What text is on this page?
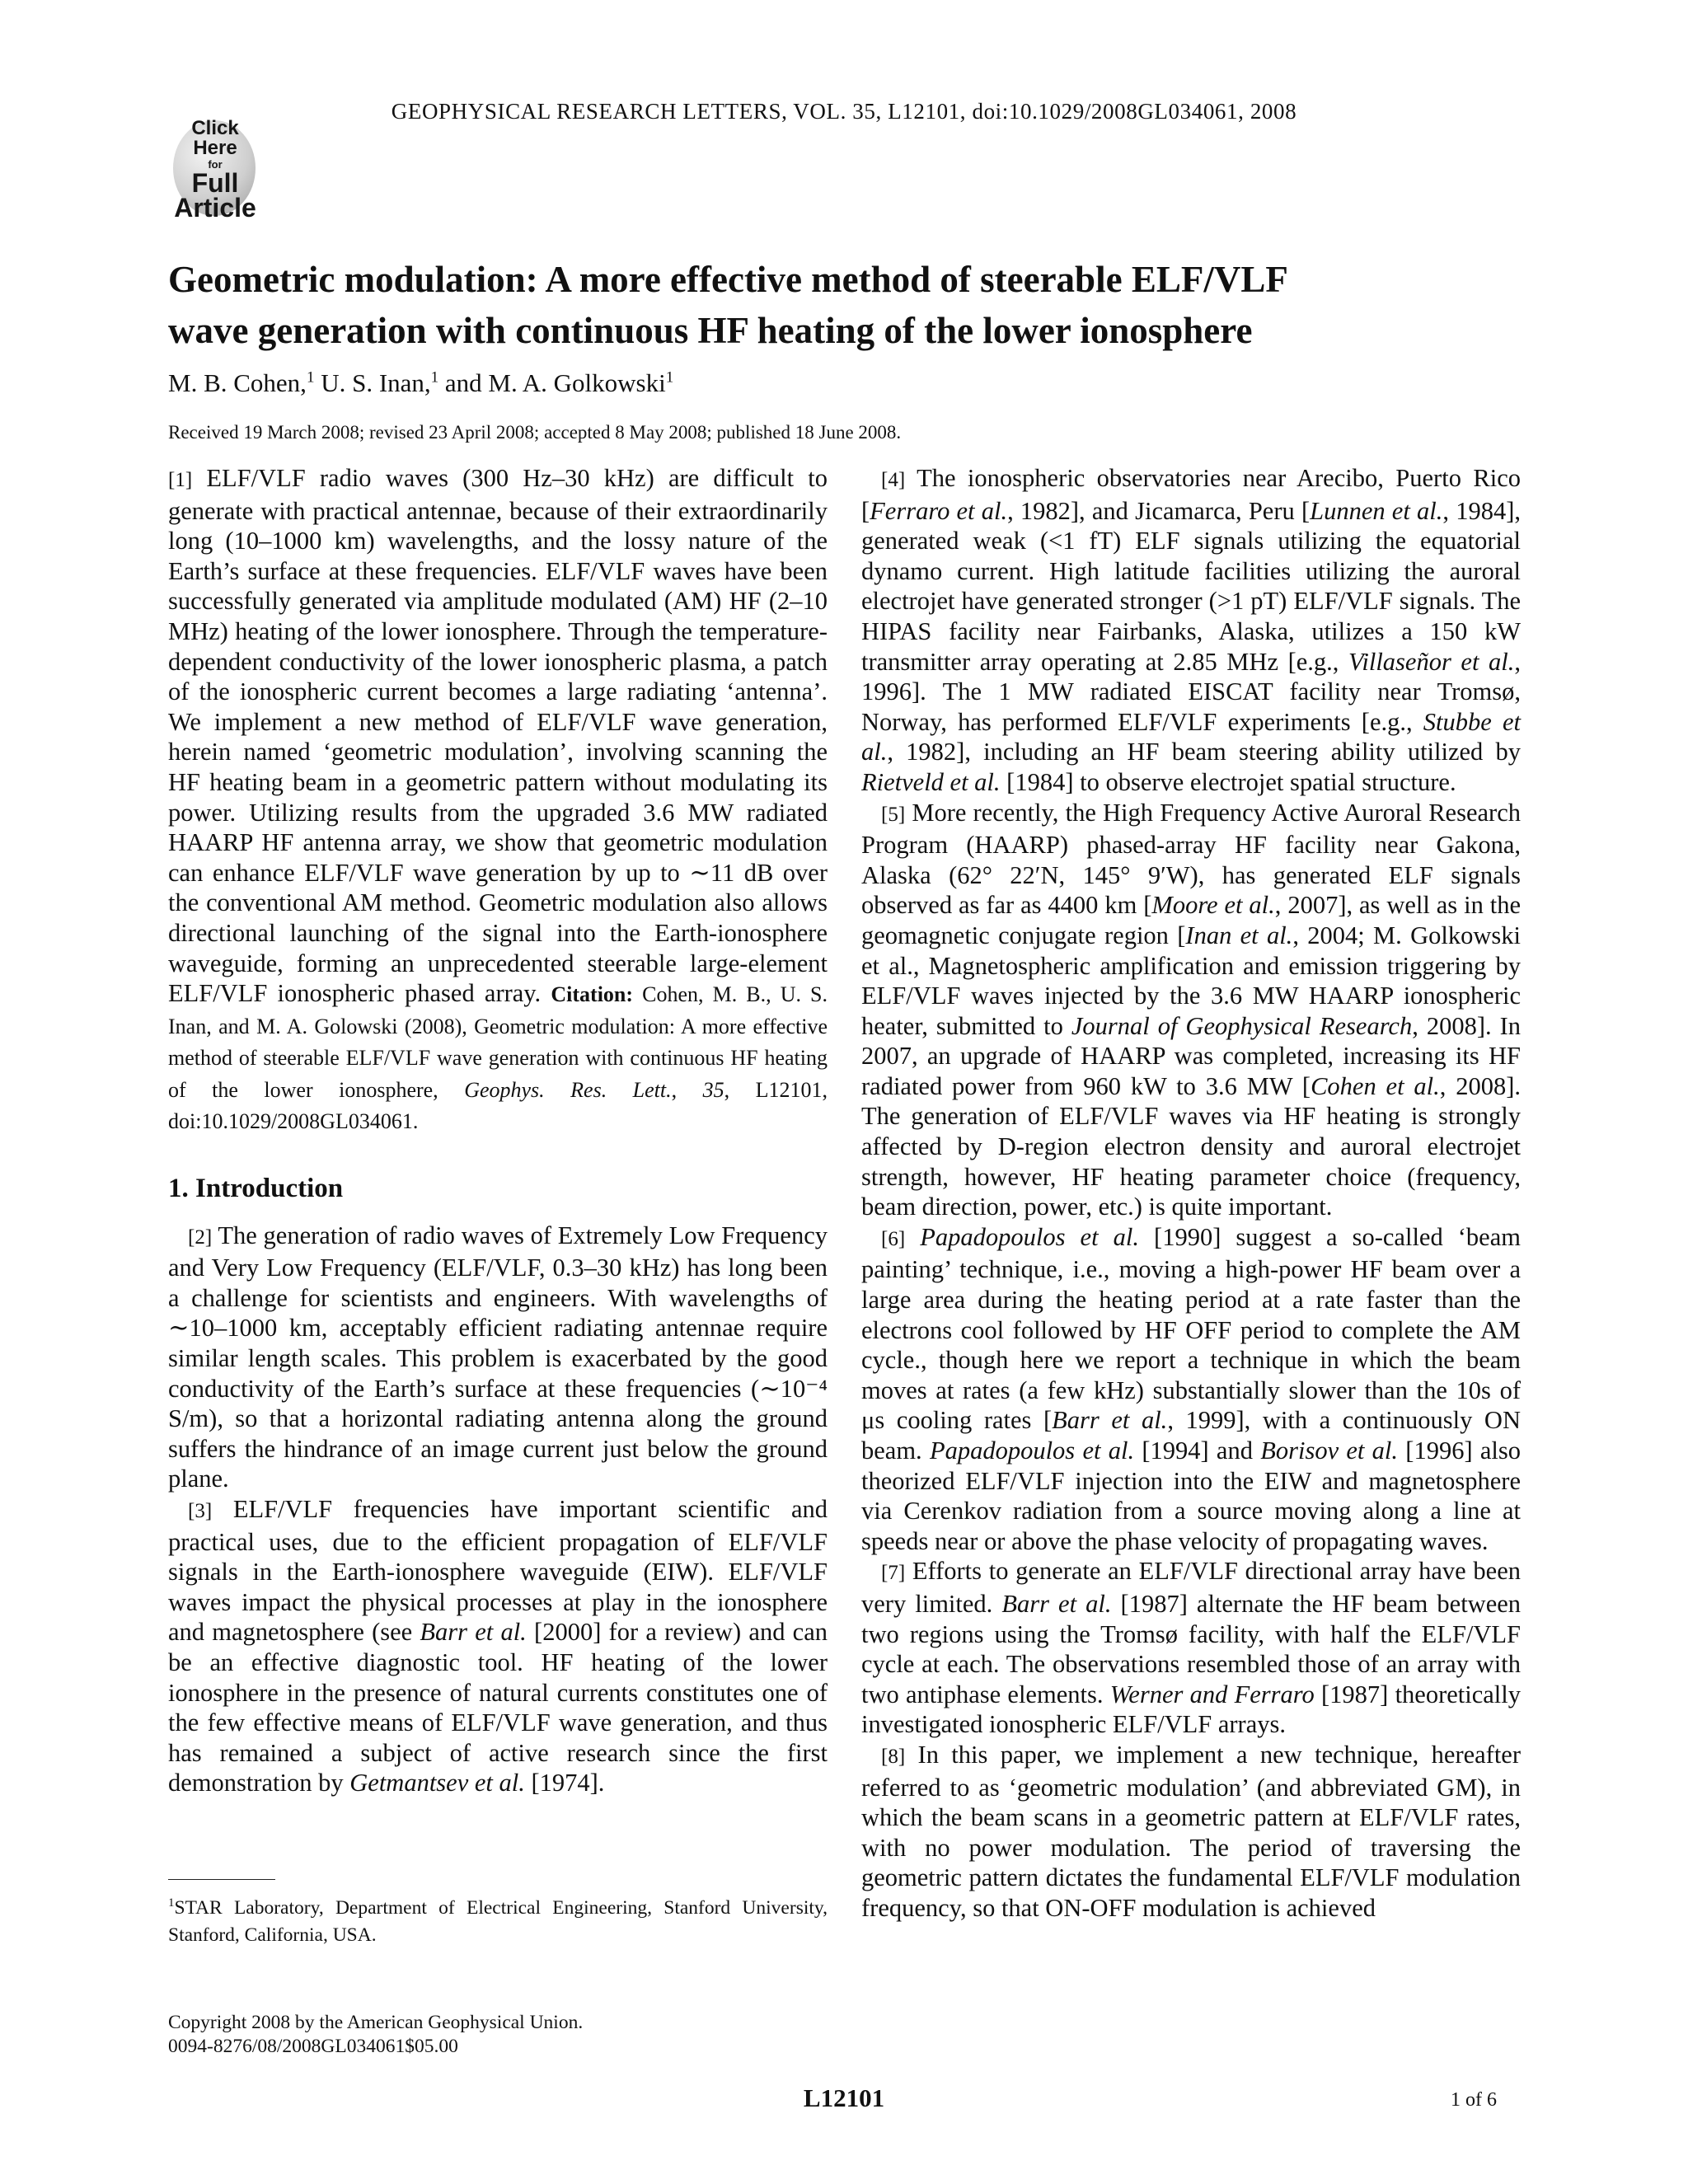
GEOPHYSICAL RESEARCH LETTERS, VOL. 35, L12101, doi:10.1029/2008GL034061, 2008
Click
Here
for
Full
Article
Geometric modulation: A more effective method of steerable ELF/VLF
wave generation with continuous HF heating of the lower ionosphere
M. B. Cohen,$^1$ U. S. Inan,$^1$ and M. A. Golkowski$^1$
Received 19 March 2008; revised 23 April 2008; accepted 8 May 2008; published 18 June 2008.

[1] ELF/VLF radio waves (300 Hz–30 kHz) are difficult to generate with practical antennae, because of their extraordinarily long (10–1000 km) wavelengths, and the lossy nature of the Earth’s surface at these frequencies. ELF/VLF waves have been successfully generated via amplitude modulated (AM) HF (2–10 MHz) heating of the lower ionosphere. Through the temperature-dependent conductivity of the lower ionospheric plasma, a patch of the ionospheric current becomes a large radiating ‘antenna’. We implement a new method of ELF/VLF wave generation, herein named ‘geometric modulation’, involving scanning the HF heating beam in a geometric pattern without modulating its power. Utilizing results from the upgraded 3.6 MW radiated HAARP HF antenna array, we show that geometric modulation can enhance ELF/VLF wave generation by up to ∼11 dB over the conventional AM method. Geometric modulation also allows directional launching of the signal into the Earth-ionosphere waveguide, forming an unprecedented steerable large-element ELF/VLF ionospheric phased array. Citation: Cohen, M. B., U. S. Inan, and M. A. Golowski (2008), Geometric modulation: A more effective method of steerable ELF/VLF wave generation with continuous HF heating of the lower ionosphere, Geophys. Res. Lett., 35, L12101, doi:10.1029/2008GL034061.

1. Introduction

[2] The generation of radio waves of Extremely Low Frequency and Very Low Frequency (ELF/VLF, 0.3–30 kHz) has long been a challenge for scientists and engineers. With wavelengths of ∼10–1000 km, acceptably efficient radiating antennae require similar length scales. This problem is exacerbated by the good conductivity of the Earth’s surface at these frequencies (∼10⁻⁴ S/m), so that a horizontal radiating antenna along the ground suffers the hindrance of an image current just below the ground plane.

[3] ELF/VLF frequencies have important scientific and practical uses, due to the efficient propagation of ELF/VLF signals in the Earth-ionosphere waveguide (EIW). ELF/VLF waves impact the physical processes at play in the ionosphere and magnetosphere (see Barr et al. [2000] for a review) and can be an effective diagnostic tool. HF heating of the lower ionosphere in the presence of natural currents constitutes one of the few effective means of ELF/VLF wave generation, and thus has remained a subject of active research since the first demonstration by Getmantsev et al. [1974].

$^1$STAR Laboratory, Department of Electrical Engineering, Stanford University, Stanford, California, USA.
Copyright 2008 by the American Geophysical Union.
0094-8276/08/2008GL034061$05.00

[4] The ionospheric observatories near Arecibo, Puerto Rico [Ferraro et al., 1982], and Jicamarca, Peru [Lunnen et al., 1984], generated weak (<1 fT) ELF signals utilizing the equatorial dynamo current. High latitude facilities utilizing the auroral electrojet have generated stronger (>1 pT) ELF/VLF signals. The HIPAS facility near Fairbanks, Alaska, utilizes a 150 kW transmitter array operating at 2.85 MHz [e.g., Villaseñor et al., 1996]. The 1 MW radiated EISCAT facility near Tromsø, Norway, has performed ELF/VLF experiments [e.g., Stubbe et al., 1982], including an HF beam steering ability utilized by Rietveld et al. [1984] to observe electrojet spatial structure.

[5] More recently, the High Frequency Active Auroral Research Program (HAARP) phased-array HF facility near Gakona, Alaska (62° 22′N, 145° 9′W), has generated ELF signals observed as far as 4400 km [Moore et al., 2007], as well as in the geomagnetic conjugate region [Inan et al., 2004; M. Golkowski et al., Magnetospheric amplification and emission triggering by ELF/VLF waves injected by the 3.6 MW HAARP ionospheric heater, submitted to Journal of Geophysical Research, 2008]. In 2007, an upgrade of HAARP was completed, increasing its HF radiated power from 960 kW to 3.6 MW [Cohen et al., 2008]. The generation of ELF/VLF waves via HF heating is strongly affected by D-region electron density and auroral electrojet strength, however, HF heating parameter choice (frequency, beam direction, power, etc.) is quite important.

[6] Papadopoulos et al. [1990] suggest a so-called ‘beam painting’ technique, i.e., moving a high-power HF beam over a large area during the heating period at a rate faster than the electrons cool followed by HF OFF period to complete the AM cycle., though here we report a technique in which the beam moves at rates (a few kHz) substantially slower than the 10s of μs cooling rates [Barr et al., 1999], with a continuously ON beam. Papadopoulos et al. [1994] and Borisov et al. [1996] also theorized ELF/VLF injection into the EIW and magnetosphere via Cerenkov radiation from a source moving along a line at speeds near or above the phase velocity of propagating waves.

[7] Efforts to generate an ELF/VLF directional array have been very limited. Barr et al. [1987] alternate the HF beam between two regions using the Tromsø facility, with half the ELF/VLF cycle at each. The observations resembled those of an array with two antiphase elements. Werner and Ferraro [1987] theoretically investigated ionospheric ELF/VLF arrays.

[8] In this paper, we implement a new technique, hereafter referred to as ‘geometric modulation’ (and abbreviated GM), in which the beam scans in a geometric pattern at ELF/VLF rates, with no power modulation. The period of traversing the geometric pattern dictates the fundamental ELF/VLF modulation frequency, so that ON-OFF modulation is achieved

L12101	1 of 6
